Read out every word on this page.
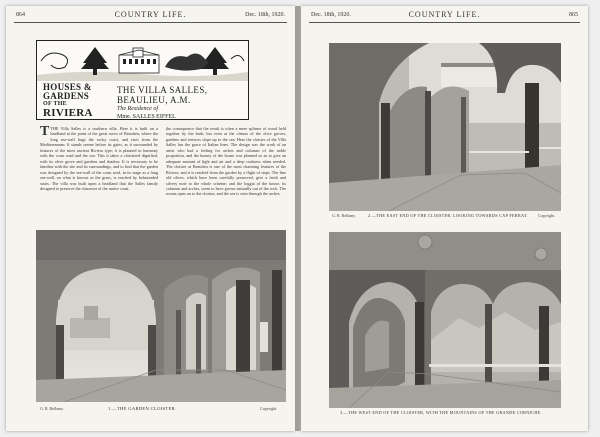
864	COUNTRY LIFE.	Dec. 18th, 1920.
HOUSES &
GARDENS
OF THE
RIVIERA
THE VILLA SALLES,
BEAULIEU, A.M.
The Residence of
Mme. SALLES EIFFEL
TTHE Villa Salles is a southern villa. Here it is built on a headland at the point of the great curve of Beaulieu, where the long sea-wall hugs the rocky coast, and rises from the Mediterranean. It stands serene before its gates, as it surrounded by features of the most ancient Riviera type; it is planned in harmony with the coast road and the sea. This it takes a cloistered dignified, with its olive grove and gardens and shadow. It is necessary to be familiar with the site and its surroundings, and to find that the garden was designed by the sea-wall of the coast road, in its stage as a long sea-wall, on what is known as the grass, is reached by balustraded stairs. The villa was built upon a headland that the Salles family designed to preserve the character of the native coast.
the consequence that the result is often a mere splinter of wood held together by the bark; but even at the climax of the olive groves, gardens and terraces slope up to the sea. Here the cloister of the Villa Salles has the grace of Italian lines. The design was the work of an artist who had a feeling for arches and columns of the noble proportion, and the beauty of the house was planned so as to give an adequate amount of light and air and a deep coolness when needed. The cloister at Beaulieu is one of the most charming features of the Riviera, and it is reached from the garden by a flight of steps. The fine old olives, which have been carefully preserved, give a fresh and silvery note to the whole scheme; and the loggia of the house, its columns and arches, seem to have grown naturally out of the rock. The rooms open on to the cloister, and the sea is seen through the arches.
G. B. Bellamy.	Copyright.
1.—THE GARDEN CLOISTER.
Dec. 18th, 1920.	COUNTRY LIFE.	865
G. B. Bellamy.	Copyright.
2.—THE EAST END OF THE CLOISTER, LOOKING TOWARDS CAP FERRAT.
3.—THE WEST END OF THE CLOISTER, WITH THE MOUNTAINS OF THE GRANDE CORNICHE.
